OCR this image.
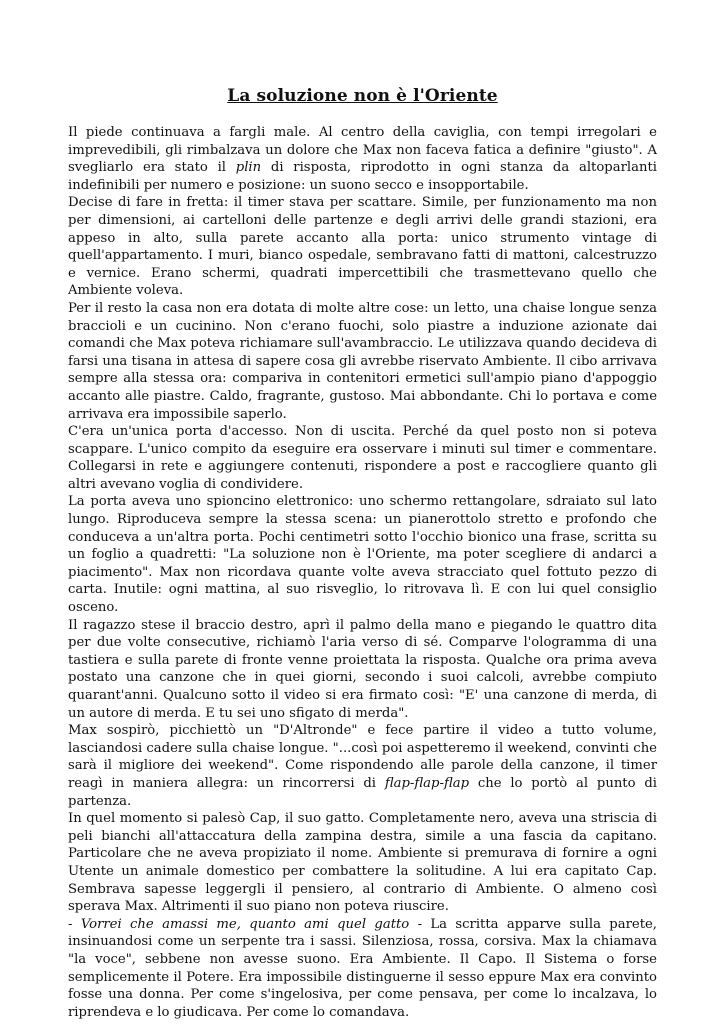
La soluzione non è l'Oriente

Il piede continuava a fargli male. Al centro della caviglia, con tempi irregolari e imprevedibili, gli rimbalzava un dolore che Max non faceva fatica a definire "giusto". A svegliarlo era stato il plin di risposta, riprodotto in ogni stanza da altoparlanti indefinibili per numero e posizione: un suono secco e insopportabile.

Decise di fare in fretta: il timer stava per scattare. Simile, per funzionamento ma non per dimensioni, ai cartelloni delle partenze e degli arrivi delle grandi stazioni, era appeso in alto, sulla parete accanto alla porta: unico strumento vintage di quell'appartamento. I muri, bianco ospedale, sembravano fatti di mattoni, calcestruzzo e vernice. Erano schermi, quadrati impercettibili che trasmettevano quello che Ambiente voleva.

Per il resto la casa non era dotata di molte altre cose: un letto, una chaise longue senza braccioli e un cucinino. Non c'erano fuochi, solo piastre a induzione azionate dai comandi che Max poteva richiamare sull'avambraccio. Le utilizzava quando decideva di farsi una tisana in attesa di sapere cosa gli avrebbe riservato Ambiente. Il cibo arrivava sempre alla stessa ora: compariva in contenitori ermetici sull'ampio piano d'appoggio accanto alle piastre. Caldo, fragrante, gustoso. Mai abbondante. Chi lo portava e come arrivava era impossibile saperlo.

C'era un'unica porta d'accesso. Non di uscita. Perché da quel posto non si poteva scappare. L'unico compito da eseguire era osservare i minuti sul timer e commentare. Collegarsi in rete e aggiungere contenuti, rispondere a post e raccogliere quanto gli altri avevano voglia di condividere.

La porta aveva uno spioncino elettronico: uno schermo rettangolare, sdraiato sul lato lungo. Riproduceva sempre la stessa scena: un pianerottolo stretto e profondo che conduceva a un'altra porta. Pochi centimetri sotto l'occhio bionico una frase, scritta su un foglio a quadretti: "La soluzione non è l'Oriente, ma poter scegliere di andarci a piacimento". Max non ricordava quante volte aveva stracciato quel fottuto pezzo di carta. Inutile: ogni mattina, al suo risveglio, lo ritrovava lì. E con lui quel consiglio osceno.

Il ragazzo stese il braccio destro, aprì il palmo della mano e piegando le quattro dita per due volte consecutive, richiamò l'aria verso di sé. Comparve l'ologramma di una tastiera e sulla parete di fronte venne proiettata la risposta. Qualche ora prima aveva postato una canzone che in quei giorni, secondo i suoi calcoli, avrebbe compiuto quarant'anni. Qualcuno sotto il video si era firmato così: "E' una canzone di merda, di un autore di merda. E tu sei uno sfigato di merda".

Max sospirò, picchiettò un "D'Altronde" e fece partire il video a tutto volume, lasciandosi cadere sulla chaise longue. "...così poi aspetteremo il weekend, convinti che sarà il migliore dei weekend". Come rispondendo alle parole della canzone, il timer reagì in maniera allegra: un rincorrersi di flap-flap-flap che lo portò al punto di partenza.

In quel momento si palesò Cap, il suo gatto. Completamente nero, aveva una striscia di peli bianchi all'attaccatura della zampina destra, simile a una fascia da capitano. Particolare che ne aveva propiziato il nome. Ambiente si premurava di fornire a ogni Utente un animale domestico per combattere la solitudine. A lui era capitato Cap. Sembrava sapesse leggergli il pensiero, al contrario di Ambiente. O almeno così sperava Max. Altrimenti il suo piano non poteva riuscire.

- Vorrei che amassi me, quanto ami quel gatto - La scritta apparve sulla parete, insinuandosi come un serpente tra i sassi. Silenziosa, rossa, corsiva. Max la chiamava "la voce", sebbene non avesse suono. Era Ambiente. Il Capo. Il Sistema o forse semplicemente il Potere. Era impossibile distinguerne il sesso eppure Max era convinto fosse una donna. Per come s'ingelosiva, per come pensava, per come lo incalzava, lo riprendeva e lo giudicava. Per come lo comandava.
